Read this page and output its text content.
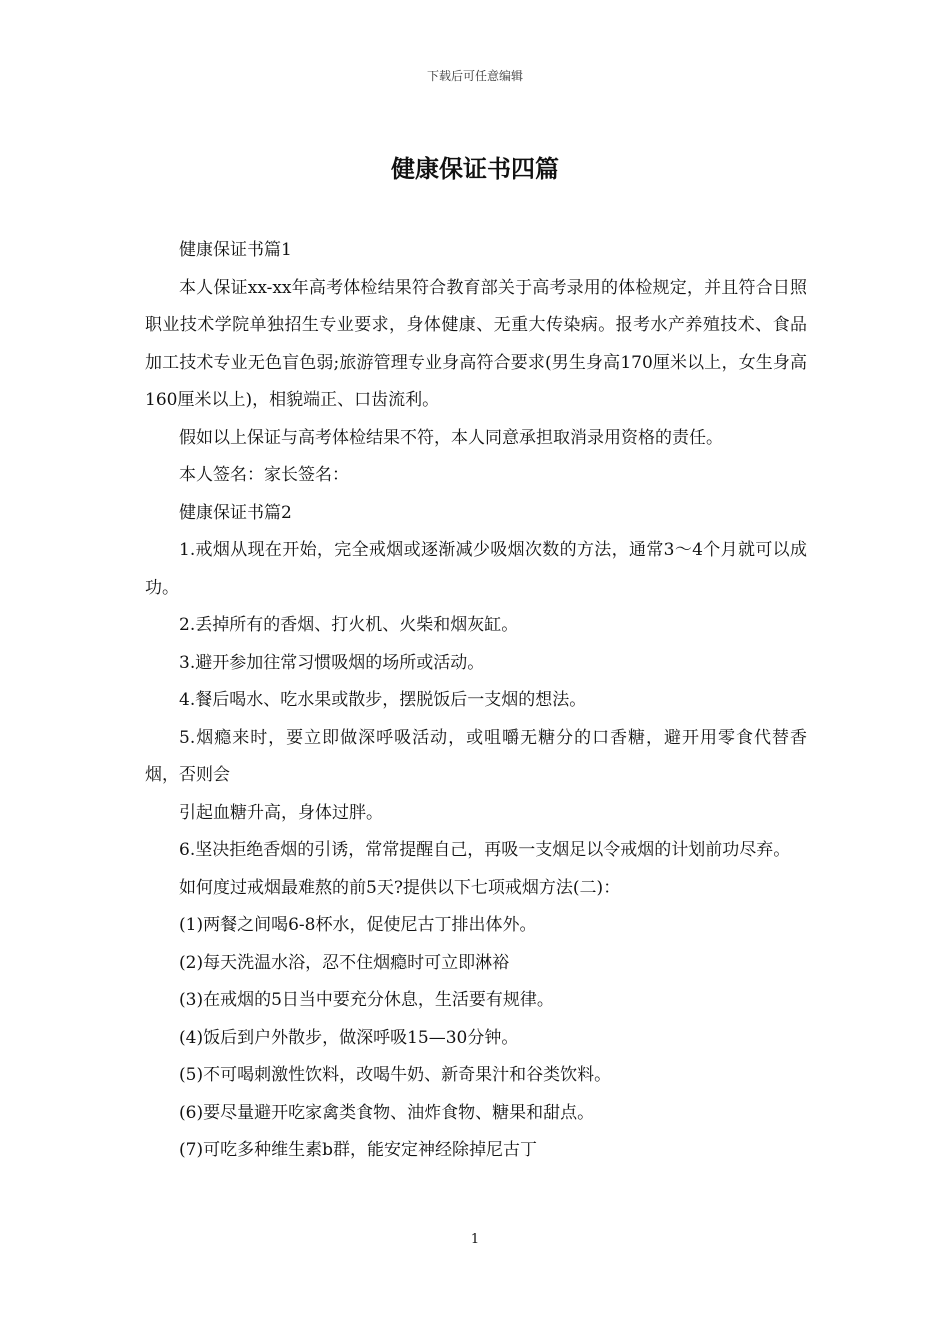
下载后可任意编辑
健康保证书四篇

健康保证书篇1

本人保证xx-xx年高考体检结果符合教育部关于高考录用的体检规定，并且符合日照职业技术学院单独招生专业要求，身体健康、无重大传染病。报考水产养殖技术、食品加工技术专业无色盲色弱;旅游管理专业身高符合要求(男生身高170厘米以上，女生身高160厘米以上)，相貌端正、口齿流利。

假如以上保证与高考体检结果不符，本人同意承担取消录用资格的责任。

本人签名：家长签名：

健康保证书篇2

1.戒烟从现在开始，完全戒烟或逐渐减少吸烟次数的方法，通常3～4个月就可以成功。

2.丢掉所有的香烟、打火机、火柴和烟灰缸。

3.避开参加往常习惯吸烟的场所或活动。

4.餐后喝水、吃水果或散步，摆脱饭后一支烟的想法。

5.烟瘾来时，要立即做深呼吸活动，或咀嚼无糖分的口香糖，避开用零食代替香烟，否则会

引起血糖升高，身体过胖。

6.坚决拒绝香烟的引诱，常常提醒自己，再吸一支烟足以令戒烟的计划前功尽弃。

如何度过戒烟最难熬的前5天?提供以下七项戒烟方法(二)：

(1)两餐之间喝6-8杯水，促使尼古丁排出体外。

(2)每天洗温水浴，忍不住烟瘾时可立即淋裕

(3)在戒烟的5日当中要充分休息，生活要有规律。

(4)饭后到户外散步，做深呼吸15—30分钟。

(5)不可喝刺激性饮料，改喝牛奶、新奇果汁和谷类饮料。

(6)要尽量避开吃家禽类食物、油炸食物、糖果和甜点。

(7)可吃多种维生素b群，能安定神经除掉尼古丁

1
